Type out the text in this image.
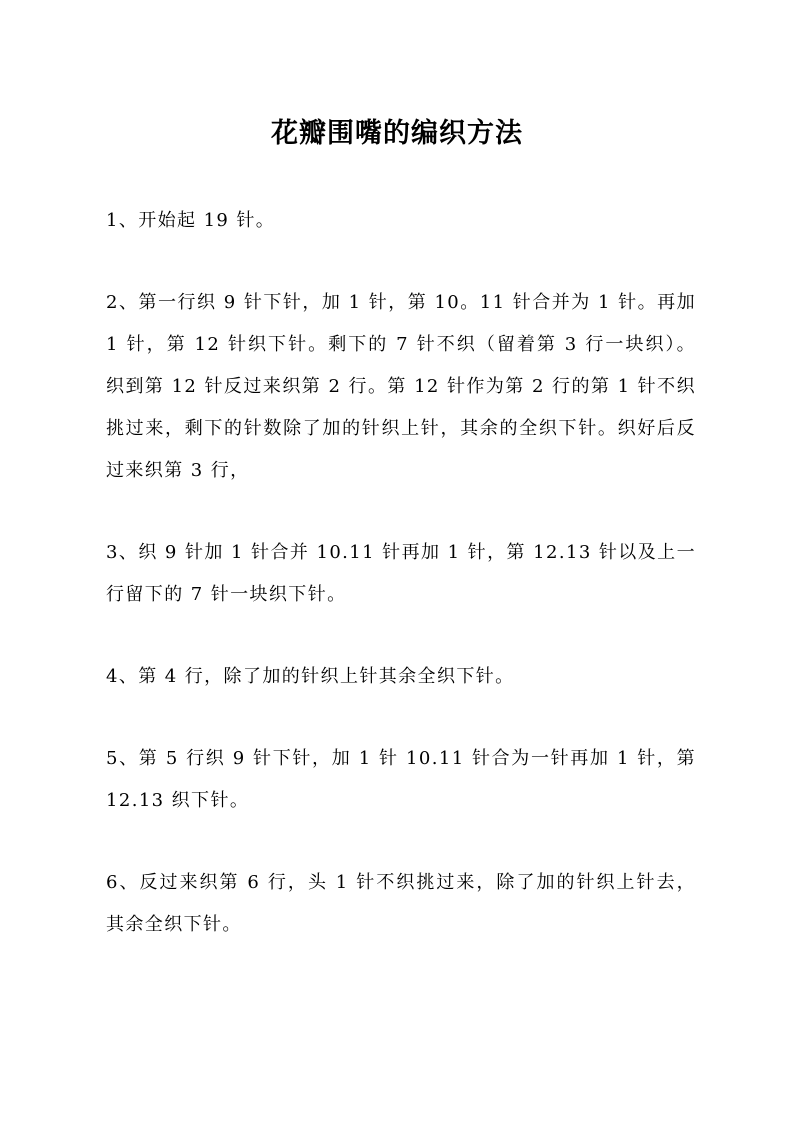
花瓣围嘴的编织方法

1、开始起 19 针。

2、第一行织 9 针下针，加 1 针，第 10。11 针合并为 1 针。再加 1 针，第 12 针织下针。剩下的 7 针不织（留着第 3 行一块织）。织到第 12 针反过来织第 2 行。第 12 针作为第 2 行的第 1 针不织挑过来，剩下的针数除了加的针织上针，其余的全织下针。织好后反过来织第 3 行，

3、织 9 针加 1 针合并 10.11 针再加 1 针，第 12.13 针以及上一行留下的 7 针一块织下针。

4、第 4 行，除了加的针织上针其余全织下针。

5、第 5 行织 9 针下针，加 1 针 10.11 针合为一针再加 1 针，第 12.13 织下针。

6、反过来织第 6 行，头 1 针不织挑过来，除了加的针织上针去，其余全织下针。
